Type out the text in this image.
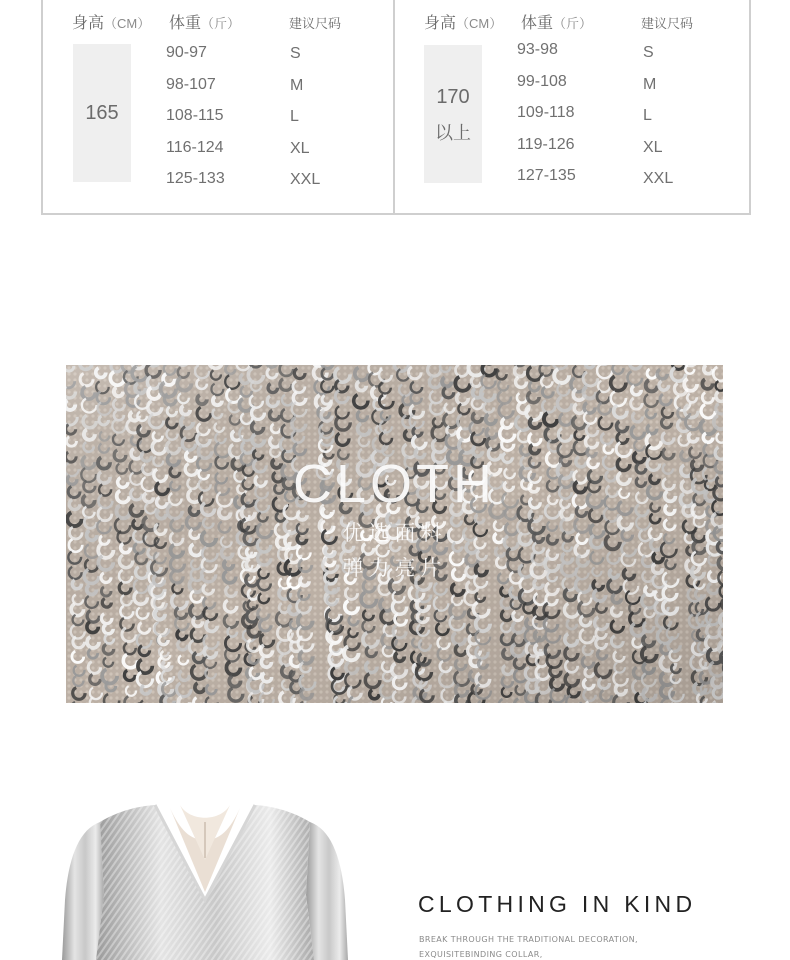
身高（CM） 体重（斤）	建议尺码
165
90-97
98-107
108-115
116-124
125-133
S
M
L
XL
XXL
身高（CM） 体重（斤）	建议尺码
170
以上
93-98
99-108
109-118
119-126
127-135
S
M
L
XL
XXL
CLOTH
优选面料
弹力亮片
CLOTHING IN KIND
BREAK THROUGH THE TRADITIONAL DECORATION,
EXQUISITEBINDING COLLAR,
